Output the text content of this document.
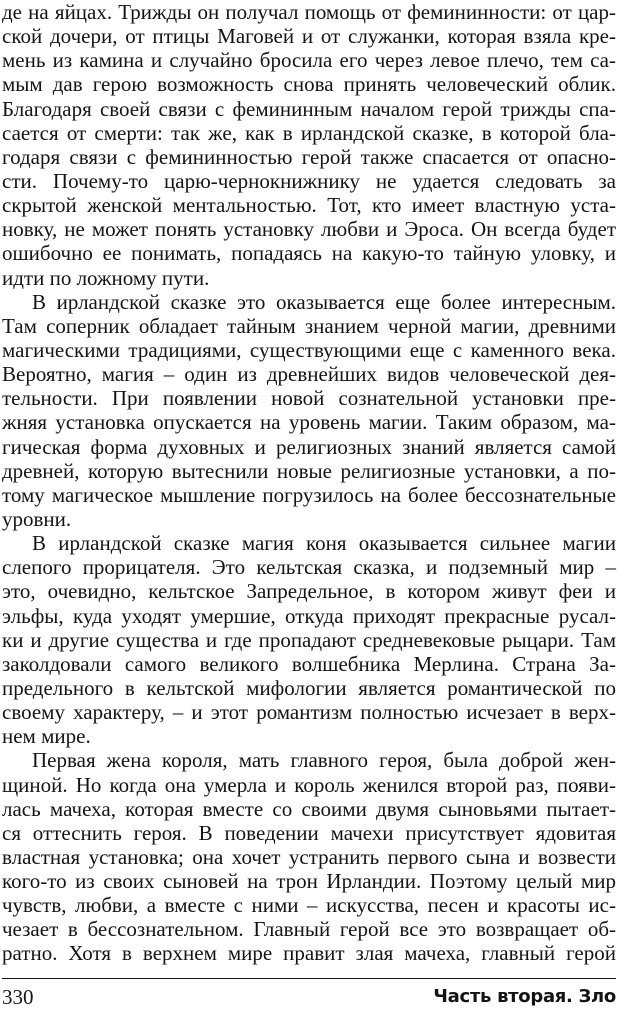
де на яйцах. Трижды он получал помощь от фемининности: от цар-
ской дочери, от птицы Маговей и от служанки, которая взяла кре-
мень из камина и случайно бросила его через левое плечо, тем са-
мым дав герою возможность снова принять человеческий облик.
Благодаря своей связи с фемининным началом герой трижды спа-
сается от смерти: так же, как в ирландской сказке, в которой бла-
годаря связи с фемининностью герой также спасается от опасно-
сти. Почему-то царю-чернокнижнику не удается следовать за
скрытой женской ментальностью. Тот, кто имеет властную уста-
новку, не может понять установку любви и Эроса. Он всегда будет
ошибочно ее понимать, попадаясь на какую-то тайную уловку, и
идти по ложному пути.
В ирландской сказке это оказывается еще более интересным.
Там соперник обладает тайным знанием черной магии, древними
магическими традициями, существующими еще с каменного века.
Вероятно, магия – один из древнейших видов человеческой дея-
тельности. При появлении новой сознательной установки пре-
жняя установка опускается на уровень магии. Таким образом, ма-
гическая форма духовных и религиозных знаний является самой
древней, которую вытеснили новые религиозные установки, а по-
тому магическое мышление погрузилось на более бессознательные
уровни.
В ирландской сказке магия коня оказывается сильнее магии
слепого прорицателя. Это кельтская сказка, и подземный мир –
это, очевидно, кельтское Запредельное, в котором живут феи и
эльфы, куда уходят умершие, откуда приходят прекрасные русал-
ки и другие существа и где пропадают средневековые рыцари. Там
заколдовали самого великого волшебника Мерлина. Страна За-
предельного в кельтской мифологии является романтической по
своему характеру, – и этот романтизм полностью исчезает в верх-
нем мире.
Первая жена короля, мать главного героя, была доброй жен-
щиной. Но когда она умерла и король женился второй раз, появи-
лась мачеха, которая вместе со своими двумя сыновьями пытает-
ся оттеснить героя. В поведении мачехи присутствует ядовитая
властная установка; она хочет устранить первого сына и возвести
кого-то из своих сыновей на трон Ирландии. Поэтому целый мир
чувств, любви, а вместе с ними – искусства, песен и красоты ис-
чезает в бессознательном. Главный герой все это возвращает об-
ратно. Хотя в верхнем мире правит злая мачеха, главный герой
330	Часть вторая. Зло
